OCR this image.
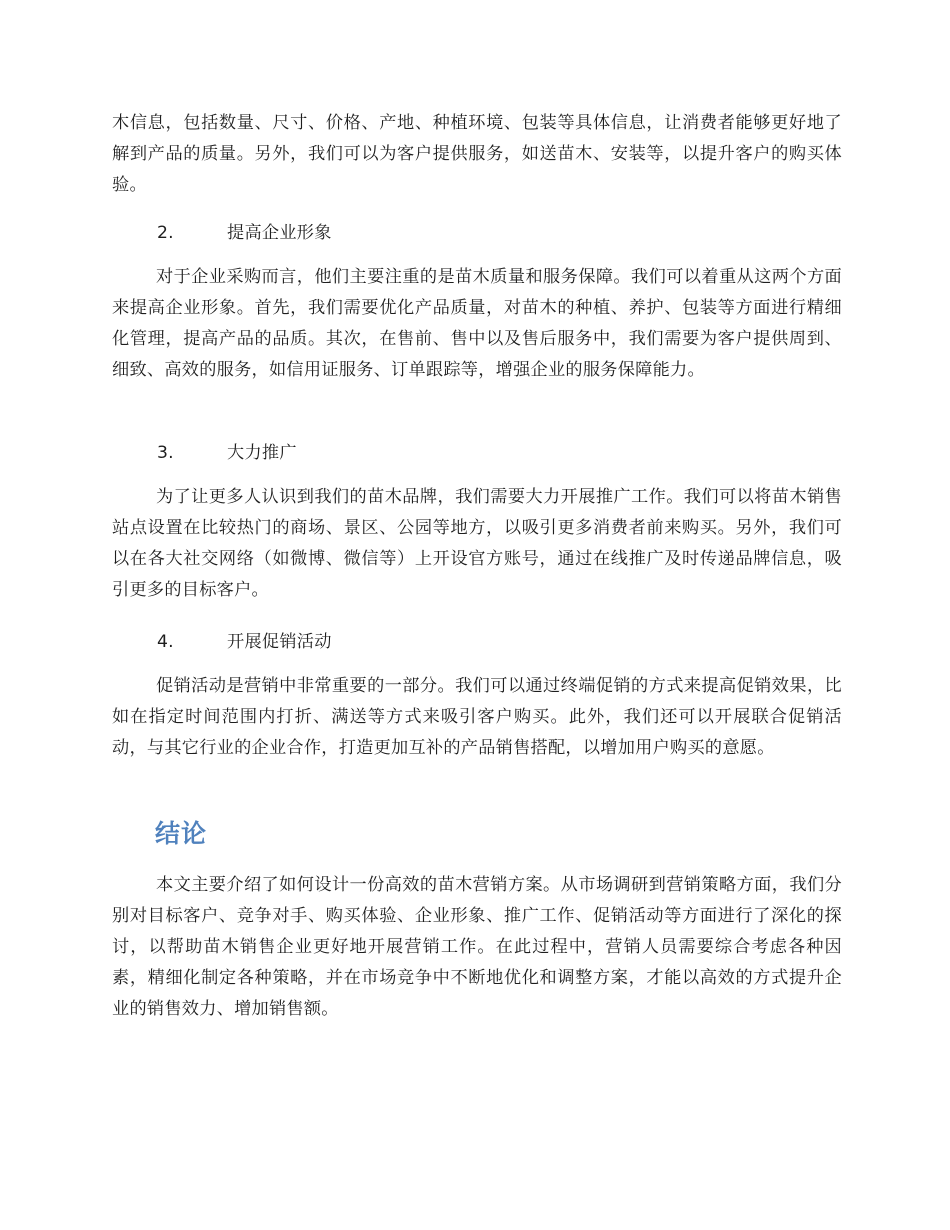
木信息，包括数量、尺寸、价格、产地、种植环境、包装等具体信息，让消费者能够更好地了解到产品的质量。另外，我们可以为客户提供服务，如送苗木、安装等，以提升客户的购买体验。

2.	提高企业形象

对于企业采购而言，他们主要注重的是苗木质量和服务保障。我们可以着重从这两个方面来提高企业形象。首先，我们需要优化产品质量，对苗木的种植、养护、包装等方面进行精细化管理，提高产品的品质。其次，在售前、售中以及售后服务中，我们需要为客户提供周到、细致、高效的服务，如信用证服务、订单跟踪等，增强企业的服务保障能力。

3.	大力推广

为了让更多人认识到我们的苗木品牌，我们需要大力开展推广工作。我们可以将苗木销售站点设置在比较热门的商场、景区、公园等地方，以吸引更多消费者前来购买。另外，我们可以在各大社交网络（如微博、微信等）上开设官方账号，通过在线推广及时传递品牌信息，吸引更多的目标客户。

4.	开展促销活动

促销活动是营销中非常重要的一部分。我们可以通过终端促销的方式来提高促销效果，比如在指定时间范围内打折、满送等方式来吸引客户购买。此外，我们还可以开展联合促销活动，与其它行业的企业合作，打造更加互补的产品销售搭配，以增加用户购买的意愿。

结论

本文主要介绍了如何设计一份高效的苗木营销方案。从市场调研到营销策略方面，我们分别对目标客户、竞争对手、购买体验、企业形象、推广工作、促销活动等方面进行了深化的探讨，以帮助苗木销售企业更好地开展营销工作。在此过程中，营销人员需要综合考虑各种因素，精细化制定各种策略，并在市场竞争中不断地优化和调整方案，才能以高效的方式提升企业的销售效力、增加销售额。
